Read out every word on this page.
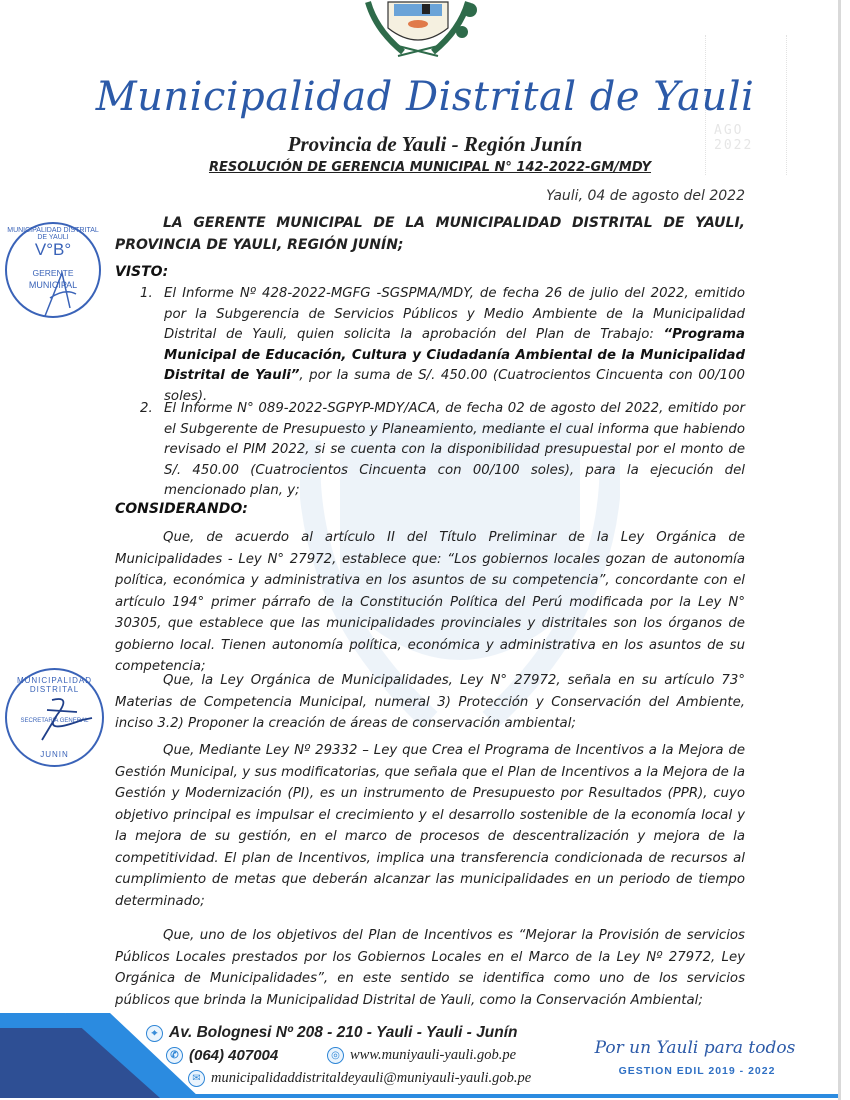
AGO 2022
Municipalidad Distrital de Yauli
Provincia de Yauli - Región Junín
RESOLUCIÓN DE GERENCIA MUNICIPAL N° 142-2022-GM/MDY
Yauli, 04 de agosto del 2022
LA GERENTE MUNICIPAL DE LA MUNICIPALIDAD DISTRITAL DE YAULI, PROVINCIA DE YAULI, REGIÓN JUNÍN;
VISTO:
1. El Informe Nº 428-2022-MGFG -SGSPMA/MDY, de fecha 26 de julio del 2022, emitido por la Subgerencia de Servicios Públicos y Medio Ambiente de la Municipalidad Distrital de Yauli, quien solicita la aprobación del Plan de Trabajo: “Programa Municipal de Educación, Cultura y Ciudadanía Ambiental de la Municipalidad Distrital de Yauli”, por la suma de S/. 450.00 (Cuatrocientos Cincuenta con 00/100 soles).

2. El Informe N° 089-2022-SGPYP-MDY/ACA, de fecha 02 de agosto del 2022, emitido por el Subgerente de Presupuesto y Planeamiento, mediante el cual informa que habiendo revisado el PIM 2022, si se cuenta con la disponibilidad presupuestal por el monto de S/. 450.00 (Cuatrocientos Cincuenta con 00/100 soles), para la ejecución del mencionado plan, y;

CONSIDERANDO:

Que, de acuerdo al artículo II del Título Preliminar de la Ley Orgánica de Municipalidades - Ley N° 27972, establece que: “Los gobiernos locales gozan de autonomía política, económica y administrativa en los asuntos de su competencia”, concordante con el artículo 194° primer párrafo de la Constitución Política del Perú modificada por la Ley N° 30305, que establece que las municipalidades provinciales y distritales son los órganos de gobierno local. Tienen autonomía política, económica y administrativa en los asuntos de su competencia;

Que, la Ley Orgánica de Municipalidades, Ley N° 27972, señala en su artículo 73° Materias de Competencia Municipal, numeral 3) Protección y Conservación del Ambiente, inciso 3.2) Proponer la creación de áreas de conservación ambiental;

Que, Mediante Ley Nº 29332 – Ley que Crea el Programa de Incentivos a la Mejora de Gestión Municipal, y sus modificatorias, que señala que el Plan de Incentivos a la Mejora de la Gestión y Modernización (PI), es un instrumento de Presupuesto por Resultados (PPR), cuyo objetivo principal es impulsar el crecimiento y el desarrollo sostenible de la economía local y la mejora de su gestión, en el marco de procesos de descentralización y mejora de la competitividad. El plan de Incentivos, implica una transferencia condicionada de recursos al cumplimiento de metas que deberán alcanzar las municipalidades en un periodo de tiempo determinado;

Que, uno de los objetivos del Plan de Incentivos es “Mejorar la Provisión de servicios Públicos Locales prestados por los Gobiernos Locales en el Marco de la Ley Nº 27972, Ley Orgánica de Municipalidades”, en este sentido se identifica como uno de los servicios públicos que brinda la Municipalidad Distrital de Yauli, como la Conservación Ambiental;

MUNICIPALIDAD DISTRITAL DE YAULI
V°B°
GERENTE
MUNICIPAL
MUNICIPALIDAD DISTRITAL
SECRETARIA GENERAL
JUNIN
⌖ Av. Bolognesi Nº 208 - 210 - Yauli - Yauli - Junín
✆ (064) 407004	◎ www.muniyauli-yauli.gob.pe
✉ municipalidaddistritaldeyauli@muniyauli-yauli.gob.pe
Por un Yauli para todos
GESTION EDIL 2019 - 2022
